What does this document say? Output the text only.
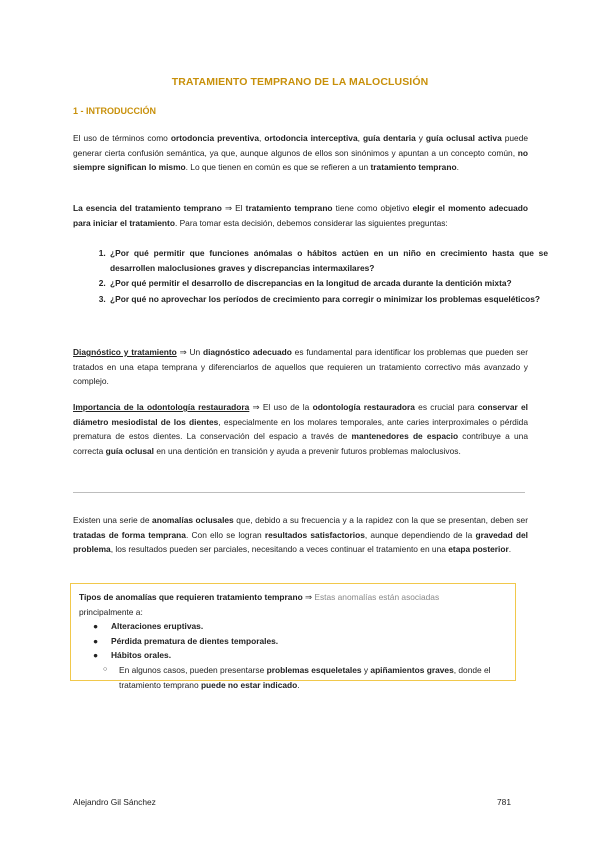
TRATAMIENTO TEMPRANO DE LA MALOCLUSIÓN
1 - INTRODUCCIÓN

El uso de términos como ortodoncia preventiva, ortodoncia interceptiva, guía dentaria y guía oclusal activa puede generar cierta confusión semántica, ya que, aunque algunos de ellos son sinónimos y apuntan a un concepto común, no siempre significan lo mismo. Lo que tienen en común es que se refieren a un tratamiento temprano.

La esencia del tratamiento temprano ⇒ El tratamiento temprano tiene como objetivo elegir el momento adecuado para iniciar el tratamiento. Para tomar esta decisión, debemos considerar las siguientes preguntas:

1. ¿Por qué permitir que funciones anómalas o hábitos actúen en un niño en crecimiento hasta que se desarrollen maloclusiones graves y discrepancias intermaxilares?
2. ¿Por qué permitir el desarrollo de discrepancias en la longitud de arcada durante la dentición mixta?
3. ¿Por qué no aprovechar los períodos de crecimiento para corregir o minimizar los problemas esqueléticos?

Diagnóstico y tratamiento ⇒ Un diagnóstico adecuado es fundamental para identificar los problemas que pueden ser tratados en una etapa temprana y diferenciarlos de aquellos que requieren un tratamiento correctivo más avanzado y complejo.

Importancia de la odontología restauradora ⇒ El uso de la odontología restauradora es crucial para conservar el diámetro mesiodistal de los dientes, especialmente en los molares temporales, ante caries interproximales o pérdida prematura de estos dientes. La conservación del espacio a través de mantenedores de espacio contribuye a una correcta guía oclusal en una dentición en transición y ayuda a prevenir futuros problemas maloclusivos.

Existen una serie de anomalías oclusales que, debido a su frecuencia y a la rapidez con la que se presentan, deben ser tratadas de forma temprana. Con ello se logran resultados satisfactorios, aunque dependiendo de la gravedad del problema, los resultados pueden ser parciales, necesitando a veces continuar el tratamiento en una etapa posterior.

Tipos de anomalías que requieren tratamiento temprano ⇒ Estas anomalías están asociadas
principalmente a:

● Alteraciones eruptivas.
● Pérdida prematura de dientes temporales.
● Hábitos orales.
○ En algunos casos, pueden presentarse problemas esqueletales y apiñamientos graves, donde el tratamiento temprano puede no estar indicado.
Alejandro Gil Sánchez	781
